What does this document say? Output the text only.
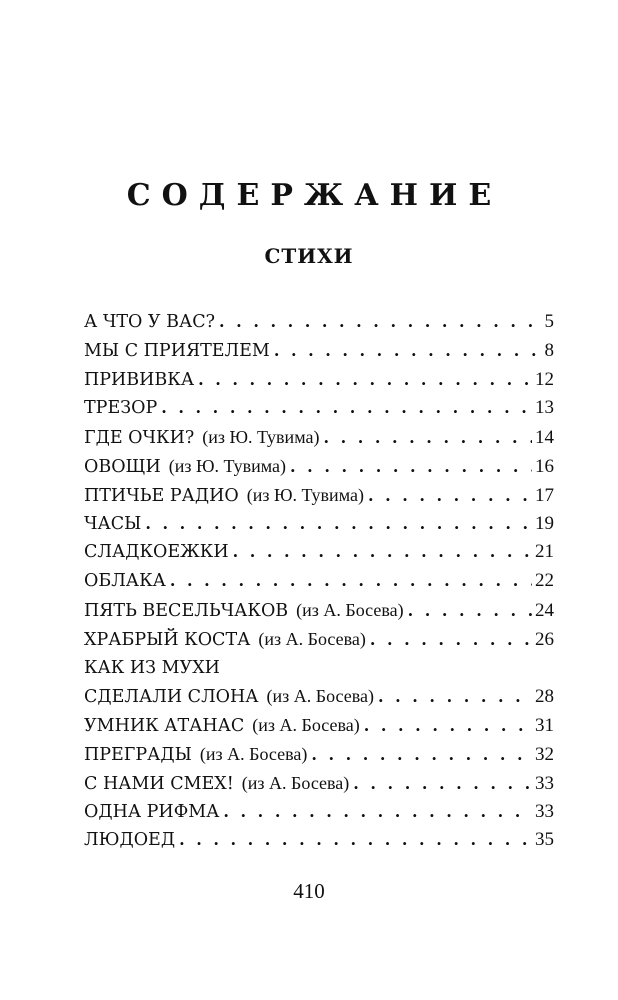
СОДЕРЖАНИЕ
СТИХИ
А ЧТО У ВАС? . . .	5
МЫ С ПРИЯТЕЛЕМ . . .	8
ПРИВИВКА . . .	12
ТРЕЗОР . . .	13
ГДЕ ОЧКИ? (из Ю. Тувима) . . .	14
ОВОЩИ (из Ю. Тувима) . . .	16
ПТИЧЬЕ РАДИО (из Ю. Тувима) . . .	17
ЧАСЫ . . .	19
СЛАДКОЕЖКИ . . .	21
ОБЛАКА . . .	22
ПЯТЬ ВЕСЕЛЬЧАКОВ (из А. Босева) . . .	24
ХРАБРЫЙ КОСТА (из А. Босева) . . .	26
КАК ИЗ МУХИ
СДЕЛАЛИ СЛОНА (из А. Босева) . . .	28
УМНИК АТАНАС (из А. Босева) . . .	31
ПРЕГРАДЫ (из А. Босева) . . .	32
С НАМИ СМЕХ! (из А. Босева) . . .	33
ОДНА РИФМА . . .	33
ЛЮДОЕД . . .	35
410
